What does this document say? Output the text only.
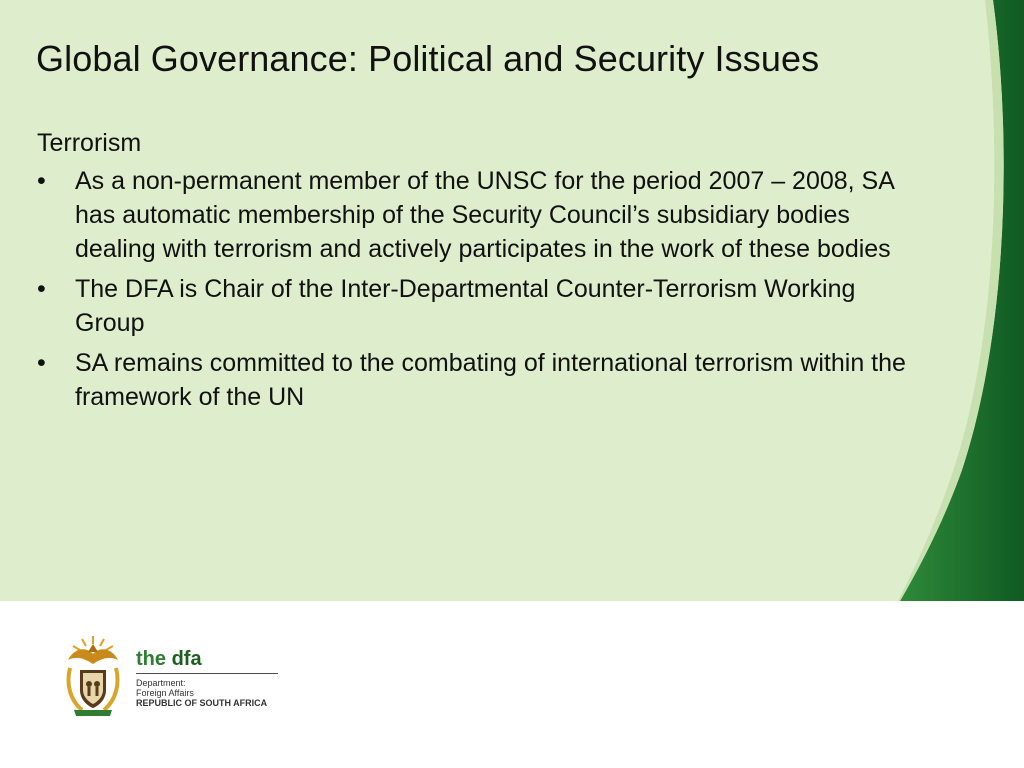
Global Governance: Political and Security Issues
Terrorism
• As a non-permanent member of the UNSC for the period 2007 – 2008, SA has automatic membership of the Security Council’s subsidiary bodies dealing with terrorism and actively participates in the work of these bodies
• The DFA is Chair of the Inter-Departmental Counter-Terrorism Working Group
• SA remains committed to the combating of international terrorism within the framework of the UN
the dfa
Department:
Foreign Affairs
REPUBLIC OF SOUTH AFRICA
